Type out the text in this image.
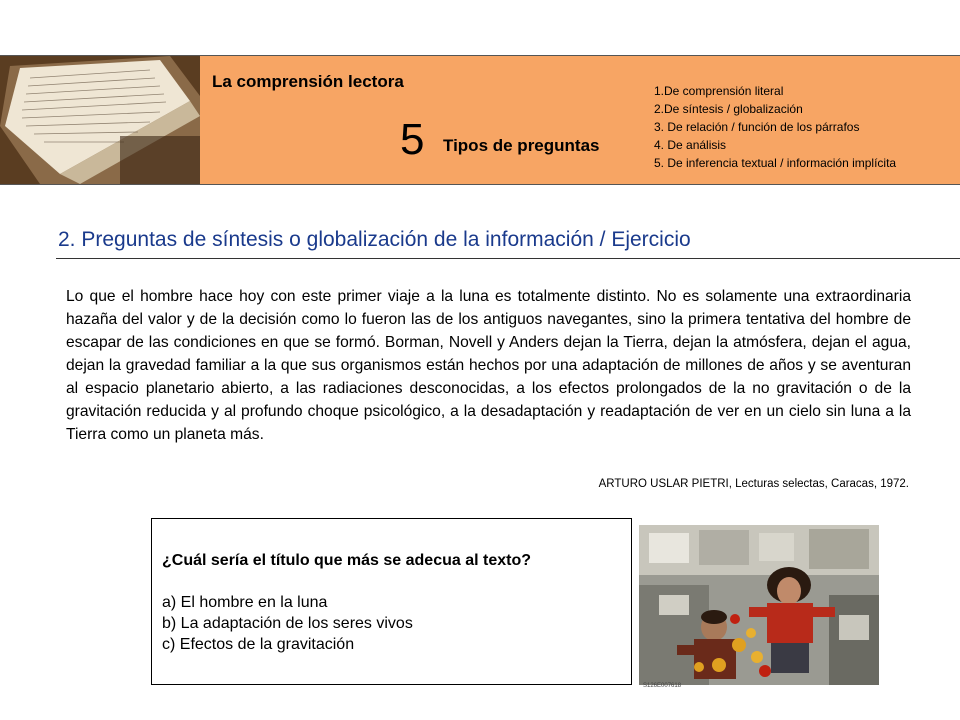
La comprensión lectora
5 Tipos de preguntas
1.De comprensión literal
2.De síntesis / globalización
3. De relación / función de los párrafos
4. De análisis
5. De inferencia textual / información implícita
2. Preguntas de síntesis o globalización de la información / Ejercicio
Lo que el hombre hace hoy con este primer viaje a la luna es totalmente distinto. No es solamente una extraordinaria hazaña del valor y de la decisión como lo fueron las de los antiguos navegantes, sino la primera tentativa del hombre de escapar de las condiciones en que se formó. Borman, Novell y Anders dejan la Tierra, dejan la atmósfera, dejan el agua, dejan la gravedad familiar a la que sus organismos están hechos por una adaptación de millones de años y se aventuran al espacio planetario abierto, a las radiaciones desconocidas, a los efectos prolongados de la no gravitación o de la gravitación reducida y al profundo choque psicológico, a la desadaptación y readaptación de ver en un cielo sin luna a la Tierra como un planeta más.
ARTURO USLAR PIETRI, Lecturas selectas, Caracas, 1972.
¿Cuál sería el título que más se adecua al texto?
a) El hombre en la luna
b) La adaptación de los seres vivos
c) Efectos de la gravitación
S126E007618
